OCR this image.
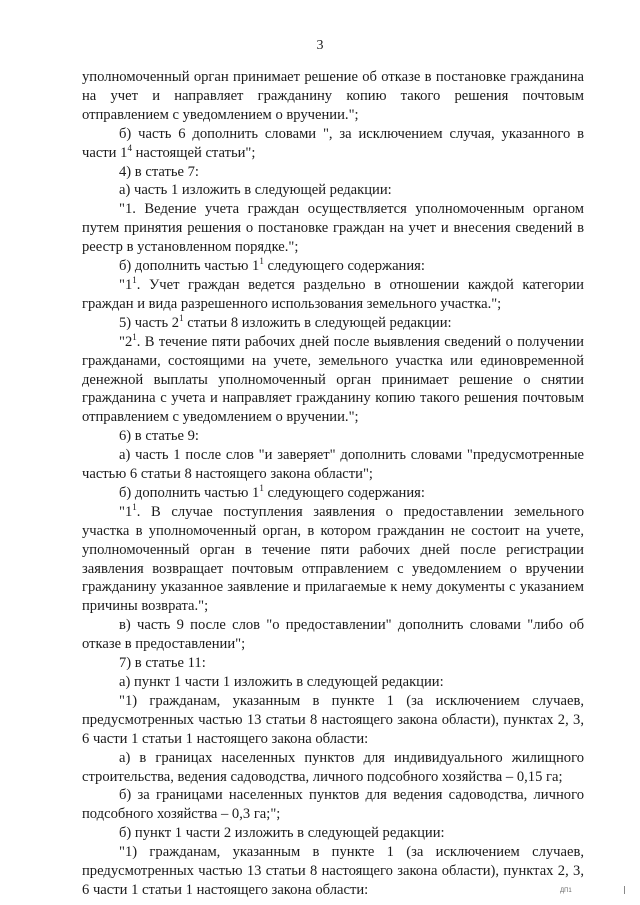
3

уполномоченный орган принимает решение об отказе в постановке гражданина на учет и направляет гражданину копию такого решения почтовым отправлением с уведомлением о вручении.";

б) часть 6 дополнить словами ", за исключением случая, указанного в части $1^4$ настоящей статьи";

4) в статье 7:

а) часть 1 изложить в следующей редакции:

"1. Ведение учета граждан осуществляется уполномоченным органом путем принятия решения о постановке граждан на учет и внесения сведений в реестр в установленном порядке.";

б) дополнить частью $1^1$ следующего содержания:

"$1^1$. Учет граждан ведется раздельно в отношении каждой категории граждан и вида разрешенного использования земельного участка.";

5) часть $2^1$ статьи 8 изложить в следующей редакции:

"$2^1$. В течение пяти рабочих дней после выявления сведений о получении гражданами, состоящими на учете, земельного участка или единовременной денежной выплаты уполномоченный орган принимает решение о снятии гражданина с учета и направляет гражданину копию такого решения почтовым отправлением с уведомлением о вручении.";

6) в статье 9:

а) часть 1 после слов "и заверяет" дополнить словами "предусмотренные частью 6 статьи 8 настоящего закона области";

б) дополнить частью $1^1$ следующего содержания:

"$1^1$. В случае поступления заявления о предоставлении земельного участка в уполномоченный орган, в котором гражданин не состоит на учете, уполномоченный орган в течение пяти рабочих дней после регистрации заявления возвращает почтовым отправлением с уведомлением о вручении гражданину указанное заявление и прилагаемые к нему документы с указанием причины возврата.";

в) часть 9 после слов "о предоставлении" дополнить словами "либо об отказе в предоставлении";

7) в статье 11:

а) пункт 1 части 1 изложить в следующей редакции:

"1) гражданам, указанным в пункте 1 (за исключением случаев, предусмотренных частью 13 статьи 8 настоящего закона области), пунктах 2, 3, 6 части 1 статьи 1 настоящего закона области:

а) в границах населенных пунктов для индивидуального жилищного строительства, ведения садоводства, личного подсобного хозяйства – 0,15 га;

б) за границами населенных пунктов для ведения садоводства, личного подсобного хозяйства – 0,3 га;";

б) пункт 1 части 2 изложить в следующей редакции:

"1) гражданам, указанным в пункте 1 (за исключением случаев, предусмотренных частью 13 статьи 8 настоящего закона области), пунктах 2, 3, 6 части 1 статьи 1 настоящего закона области:	ДП1
